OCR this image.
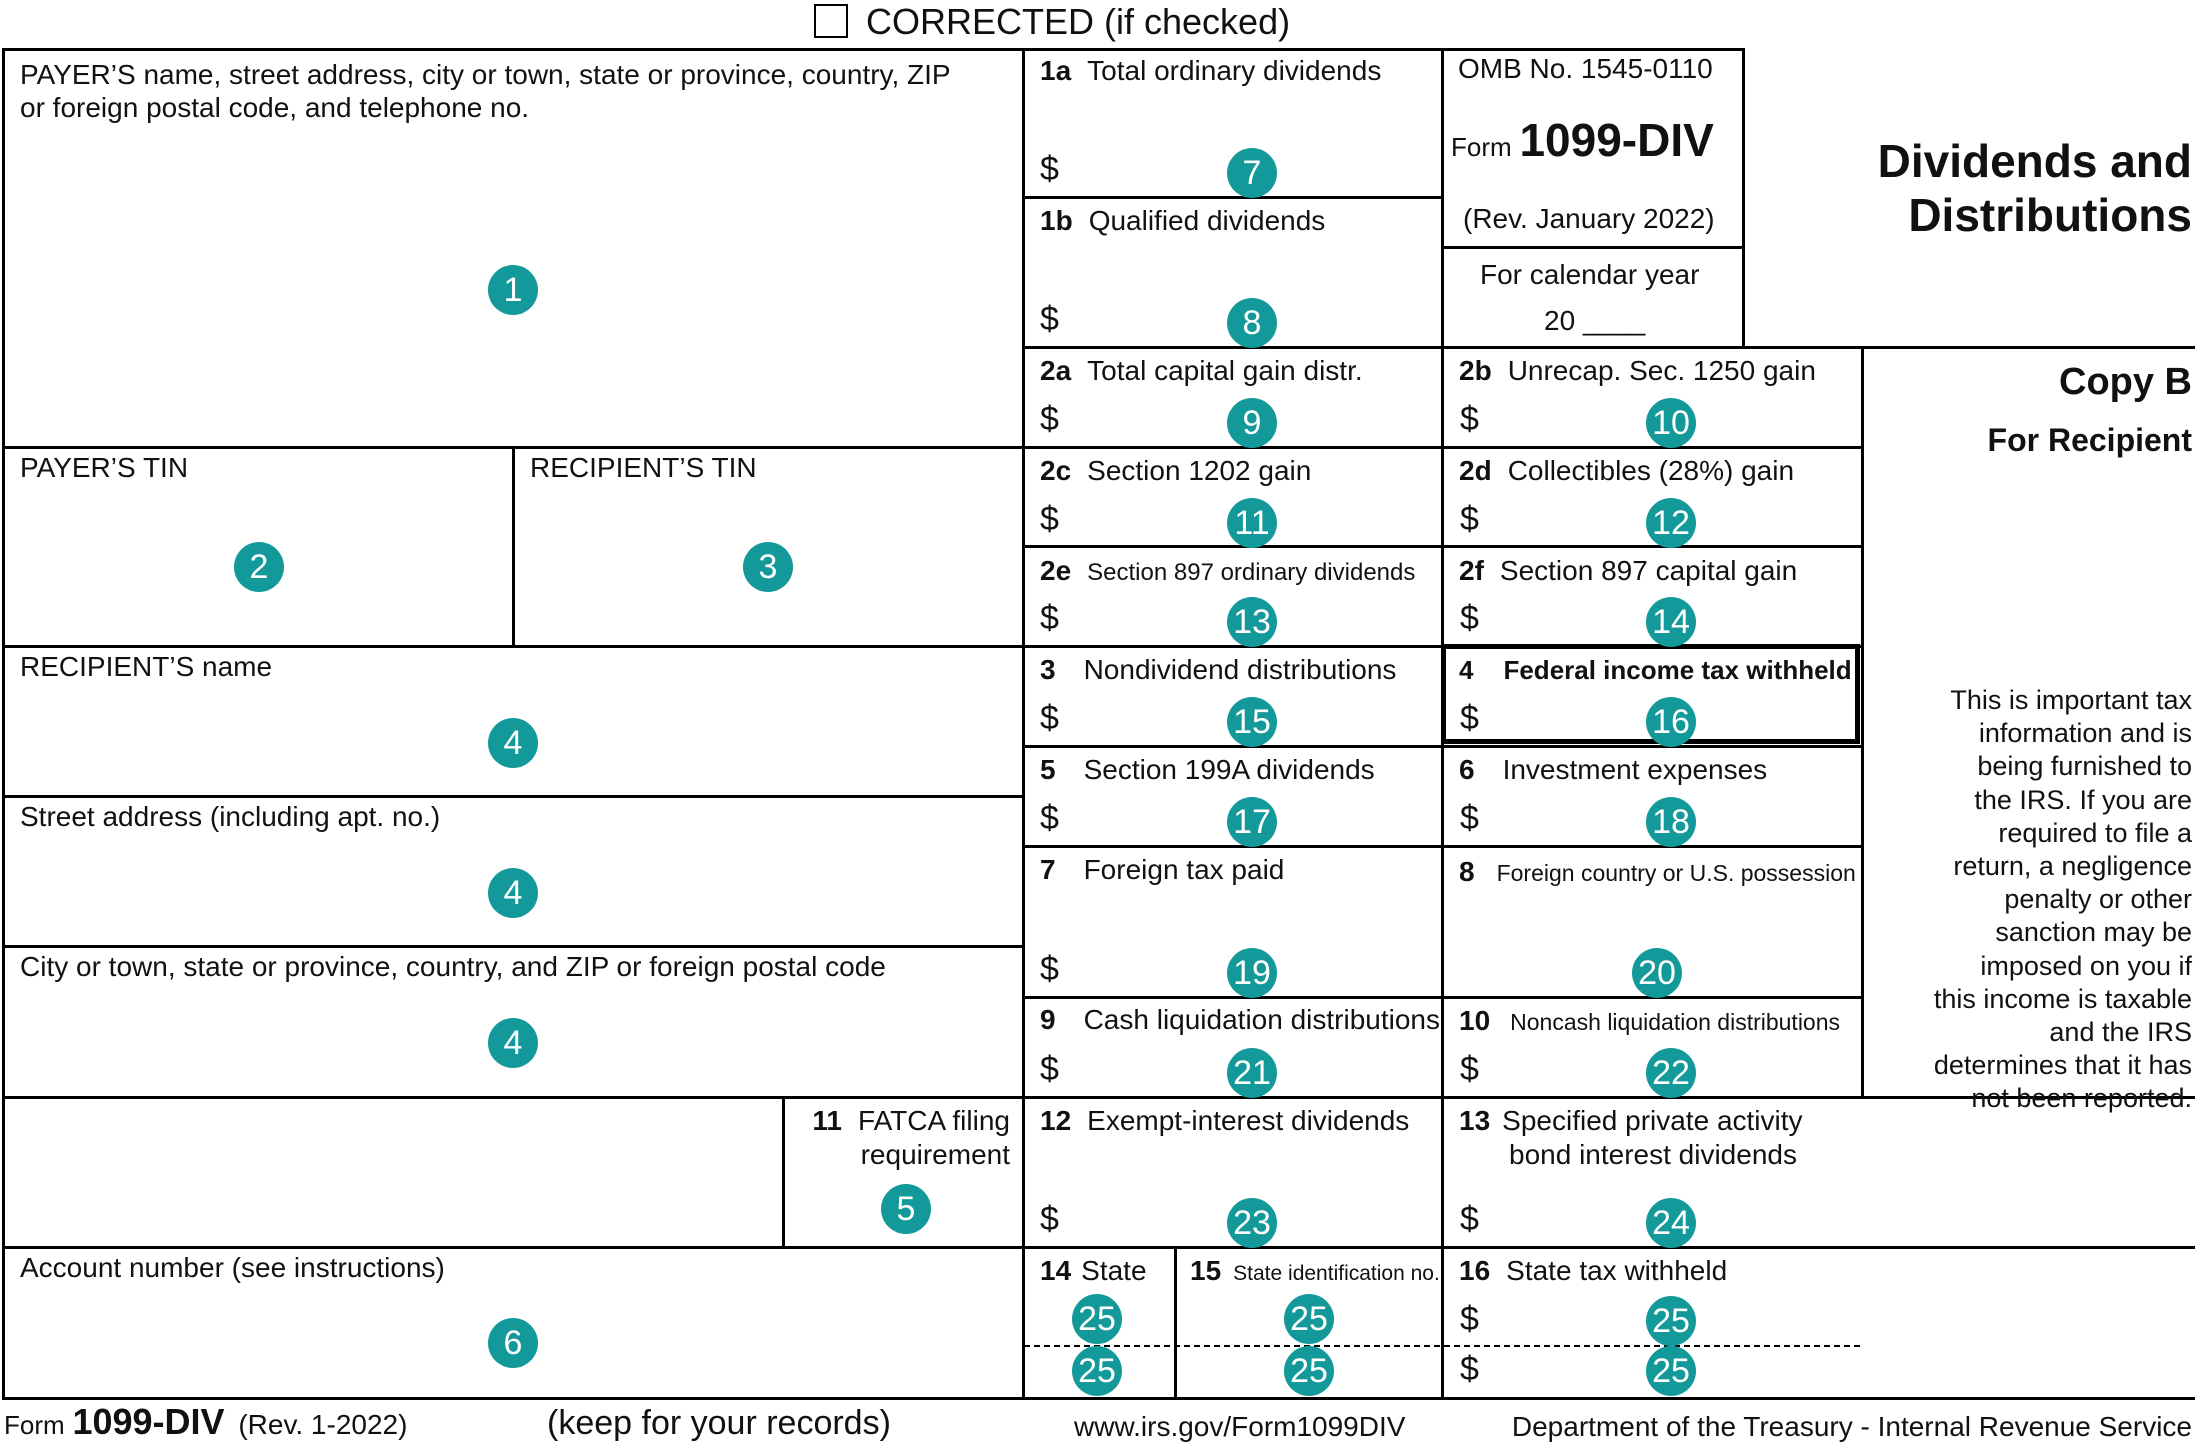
CORRECTED (if checked)
PAYER’S name, street address, city or town, state or province, country, ZIP
or foreign postal code, and telephone no.
1
PAYER’S TIN
2
RECIPIENT’S TIN
3
RECIPIENT’S name
4
Street address (including apt. no.)
4
City or town, state or province, country, and ZIP or foreign postal code
4
11 FATCA filing
requirement
5
Account number (see instructions)
6
1a Total ordinary dividends
$	7
1b Qualified dividends
$	8
2a Total capital gain distr.
$	9
2c Section 1202 gain
$	11
2e Section 897 ordinary dividends
$	13
3 Nondividend distributions
$	15
5 Section 199A dividends
$	17
7 Foreign tax paid
$	19
9 Cash liquidation distributions
$	21
12 Exempt-interest dividends
$	23
14 State
25
25
15 State identification no.
25
25
OMB No. 1545-0110
Form 1099-DIV
(Rev. January 2022)
For calendar year
20 ____
2b Unrecap. Sec. 1250 gain
$	10
2d Collectibles (28%) gain
$	12
2f Section 897 capital gain
$	14
4 Federal income tax withheld
$	16
6 Investment expenses
$	18
8 Foreign country or U.S. possession
20
10 Noncash liquidation distributions
$	22
13 Specified private activity
bond interest dividends
$	24
16 State tax withheld
$	25
$	25
Dividends and
Distributions
Copy B
For Recipient
This is important tax
information and is
being furnished to
the IRS. If you are
required to file a
return, a negligence
penalty or other
sanction may be
imposed on you if
this income is taxable
and the IRS
determines that it has
not been reported.
Form 1099-DIV (Rev. 1-2022)	(keep for your records)	www.irs.gov/Form1099DIV	Department of the Treasury - Internal Revenue Service
